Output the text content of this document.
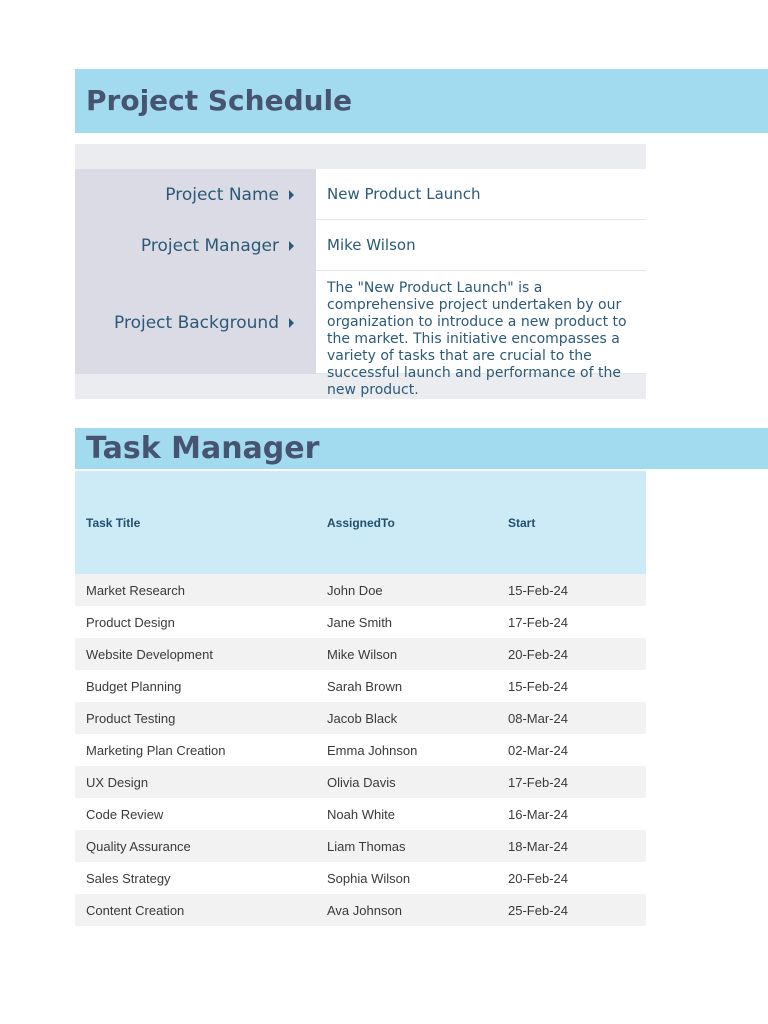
Project Schedule
Project Name	New Product Launch
Project Manager	Mike Wilson
Project Background
The "New Product Launch" is a comprehensive project undertaken by our organization to introduce a new product to the market. This initiative encompasses a variety of tasks that are crucial to the successful launch and performance of the new product.
Task Manager
Task Title	AssignedTo	Start
Market Research	John Doe	15-Feb-24
Product Design	Jane Smith	17-Feb-24
Website Development	Mike Wilson	20-Feb-24
Budget Planning	Sarah Brown	15-Feb-24
Product Testing	Jacob Black	08-Mar-24
Marketing Plan Creation	Emma Johnson	02-Mar-24
UX Design	Olivia Davis	17-Feb-24
Code Review	Noah White	16-Mar-24
Quality Assurance	Liam Thomas	18-Mar-24
Sales Strategy	Sophia Wilson	20-Feb-24
Content Creation	Ava Johnson	25-Feb-24
